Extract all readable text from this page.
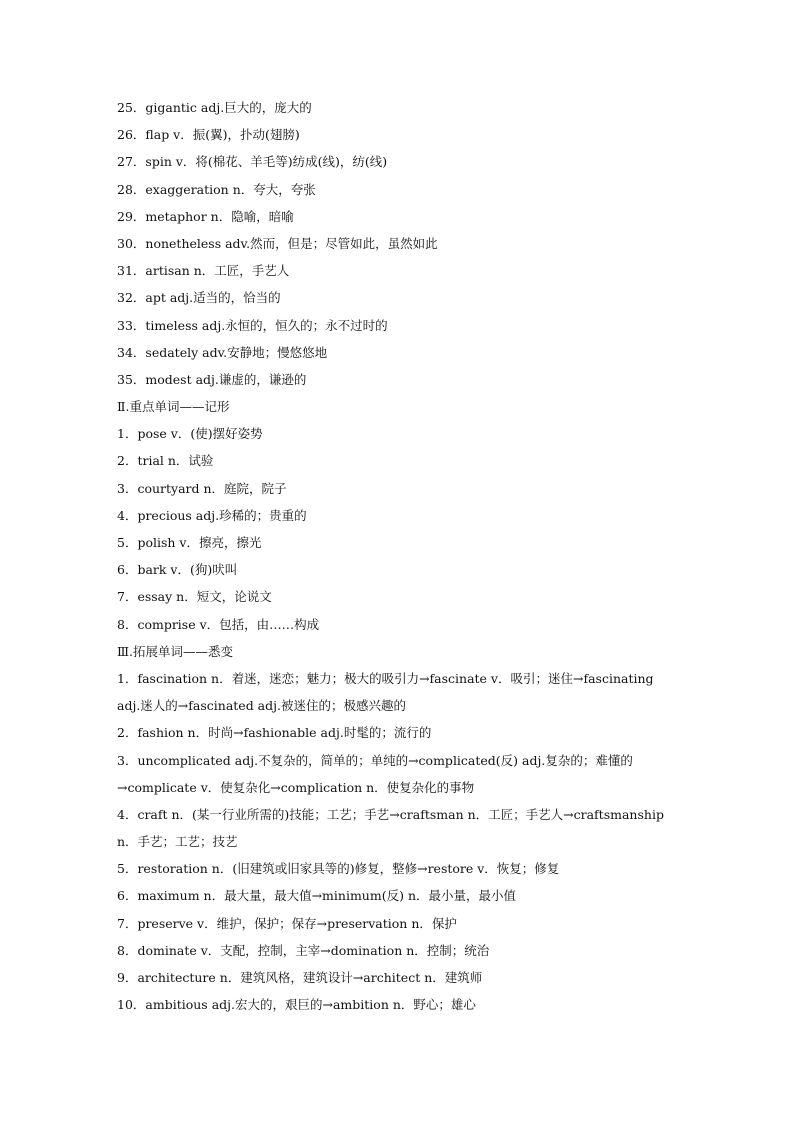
25．gigantic adj.巨大的，庞大的
26．flap v．振(翼)，扑动(翅膀)
27．spin v．将(棉花、羊毛等)纺成(线)，纺(线)
28．exaggeration n．夸大，夸张
29．metaphor n．隐喻，暗喻
30．nonetheless adv.然而，但是；尽管如此，虽然如此
31．artisan n．工匠，手艺人
32．apt adj.适当的，恰当的
33．timeless adj.永恒的，恒久的；永不过时的
34．sedately adv.安静地；慢悠悠地
35．modest adj.谦虚的，谦逊的
Ⅱ.重点单词——记形
1．pose v．(使)摆好姿势
2．trial n．试验
3．courtyard n．庭院，院子
4．precious adj.珍稀的；贵重的
5．polish v．擦亮，擦光
6．bark v．(狗)吠叫
7．essay n．短文，论说文
8．comprise v．包括，由……构成
Ⅲ.拓展单词——悉变
1．fascination n．着迷，迷恋；魅力；极大的吸引力→fascinate v．吸引；迷住→fascinating
adj.迷人的→fascinated adj.被迷住的；极感兴趣的
2．fashion n．时尚→fashionable adj.时髦的；流行的
3．uncomplicated adj.不复杂的，简单的；单纯的→complicated(反) adj.复杂的；难懂的
→complicate v．使复杂化→complication n．使复杂化的事物
4．craft n．(某一行业所需的)技能；工艺；手艺→craftsman n．工匠；手艺人→craftsmanship
n．手艺；工艺；技艺
5．restoration n．(旧建筑或旧家具等的)修复，整修→restore v．恢复；修复
6．maximum n．最大量，最大值→minimum(反) n．最小量，最小值
7．preserve v．维护，保护；保存→preservation n．保护
8．dominate v．支配，控制，主宰→domination n．控制；统治
9．architecture n．建筑风格，建筑设计→architect n．建筑师
10．ambitious adj.宏大的，艰巨的→ambition n．野心；雄心
